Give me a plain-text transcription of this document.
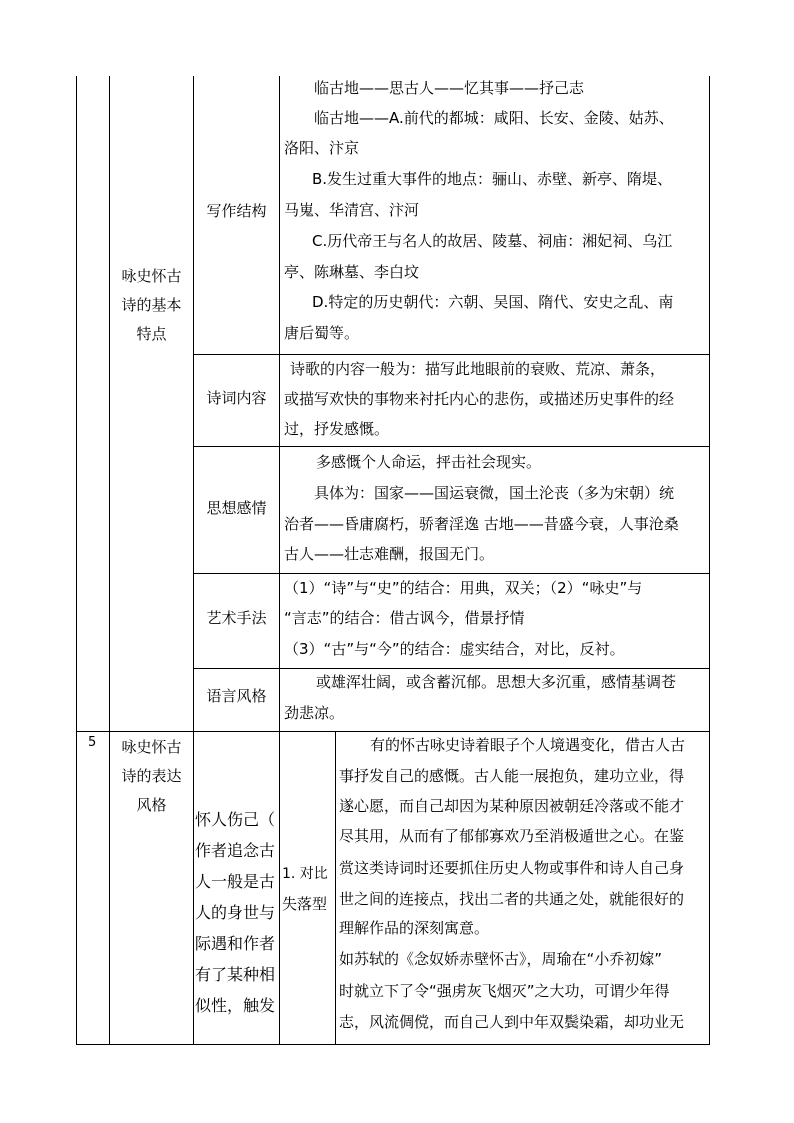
咏史怀古
诗的基本
特点
写作结构
临古地——思古人——忆其事——抒己志
临古地——A.前代的都城：咸阳、长安、金陵、姑苏、
洛阳、汴京
B.发生过重大事件的地点：骊山、赤壁、新亭、隋堤、
马嵬、华清宫、汴河
C.历代帝王与名人的故居、陵墓、祠庙：湘妃祠、乌江
亭、陈琳墓、李白坟
D.特定的历史朝代：六朝、吴国、隋代、安史之乱、南
唐后蜀等。
诗词内容
诗歌的内容一般为：描写此地眼前的衰败、荒凉、萧条，
或描写欢快的事物来衬托内心的悲伤，或描述历史事件的经
过，抒发感慨。
思想感情
多感慨个人命运，抨击社会现实。
具体为：国家——国运衰微，国土沦丧（多为宋朝）统
治者——昏庸腐朽，骄奢淫逸 古地——昔盛今衰，人事沧桑
古人——壮志难酬，报国无门。
艺术手法
（1）“诗”与“史”的结合：用典，双关；（2）“咏史”与
“言志”的结合：借古讽今，借景抒情
（3）“古”与“今”的结合：虚实结合，对比，反衬。
语言风格
或雄浑壮阔，或含蓄沉郁。思想大多沉重，感情基调苍
劲悲凉。
5	咏史怀古
诗的表达
风格
怀人伤己（
作者追念古
人一般是古
人的身世与
际遇和作者
有了某种相
似性，触发
1. 对比
失落型
有的怀古咏史诗着眼子个人境遇变化，借古人古
事抒发自己的感慨。古人能一展抱负，建功立业，得
遂心愿，而自己却因为某种原因被朝廷冷落或不能才
尽其用，从而有了郁郁寡欢乃至消极遁世之心。在鉴
赏这类诗词时还要抓住历史人物或事件和诗人自己身
世之间的连接点，找出二者的共通之处，就能很好的
理解作品的深刻寓意。
如苏轼的《念奴娇赤壁怀古》，周瑜在“小乔初嫁”
时就立下了令“强虏灰飞烟灭”之大功，可谓少年得
志，风流倜傥，而自己人到中年双鬓染霜，却功业无
